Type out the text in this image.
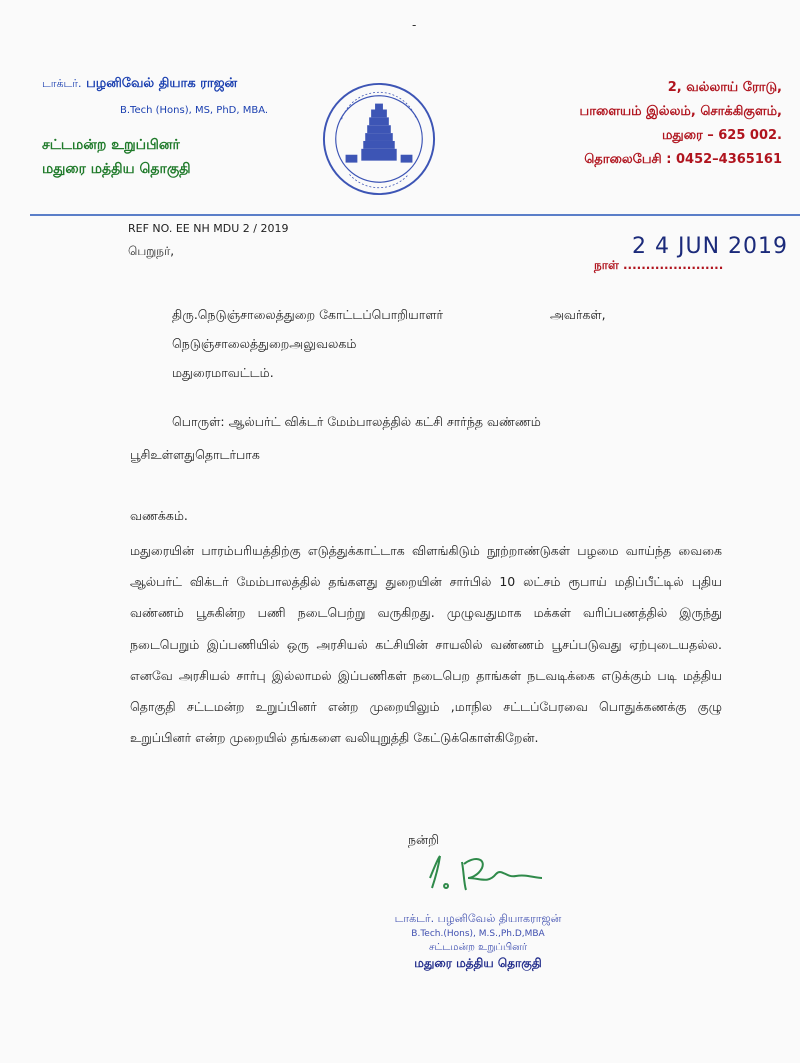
-
டாக்டர். பழனிவேல் தியாக ராஜன்
B.Tech (Hons), MS, PhD, MBA.
சட்டமன்ற உறுப்பினர்
மதுரை மத்திய தொகுதி
2, வல்லாய் ரோடு,
பாளையம் இல்லம், சொக்கிகுளம்,
மதுரை – 625 002.
தொலைபேசி : 0452–4365161
REF NO. EE NH MDU 2 / 2019
பெறுநர்,	2 4 JUN 2019
நாள் ......................
திரு.நெடுஞ்சாலைத்துறை கோட்டப்பொறியாளர்	அவர்கள்,
நெடுஞ்சாலைத்துறைஅலுவலகம்
மதுரைமாவட்டம்.
பொருள்: ஆல்பர்ட் விக்டர் மேம்பாலத்தில் கட்சி சார்ந்த வண்ணம்
பூசிஉள்ளதுதொடர்பாக
வணக்கம்.
மதுரையின் பாரம்பரியத்திற்கு எடுத்துக்காட்டாக விளங்கிடும் நூற்றாண்டுகள் பழமை வாய்ந்த வைகை ஆல்பர்ட் விக்டர் மேம்பாலத்தில் தங்களது துறையின் சார்பில் 10 லட்சம் ரூபாய் மதிப்பீட்டில் புதிய வண்ணம் பூசுகின்ற பணி நடைபெற்று வருகிறது. முழுவதுமாக மக்கள் வரிப்பணத்தில் இருந்து நடைபெறும் இப்பணியில் ஒரு அரசியல் கட்சியின் சாயலில் வண்ணம் பூசப்படுவது ஏற்புடையதல்ல. எனவே அரசியல் சார்பு இல்லாமல் இப்பணிகள் நடைபெற தாங்கள் நடவடிக்கை எடுக்கும் படி மத்திய தொகுதி சட்டமன்ற உறுப்பினர் என்ற முறையிலும் ,மாநில சட்டப்பேரவை பொதுக்கணக்கு குழு உறுப்பினர் என்ற முறையில் தங்களை வலியுறுத்தி கேட்டுக்கொள்கிறேன்.
நன்றி
டாக்டர். பழனிவேல் தியாகராஜன்
B.Tech.(Hons), M.S.,Ph.D,MBA
சட்டமன்ற உறுப்பினர்
மதுரை மத்திய தொகுதி
